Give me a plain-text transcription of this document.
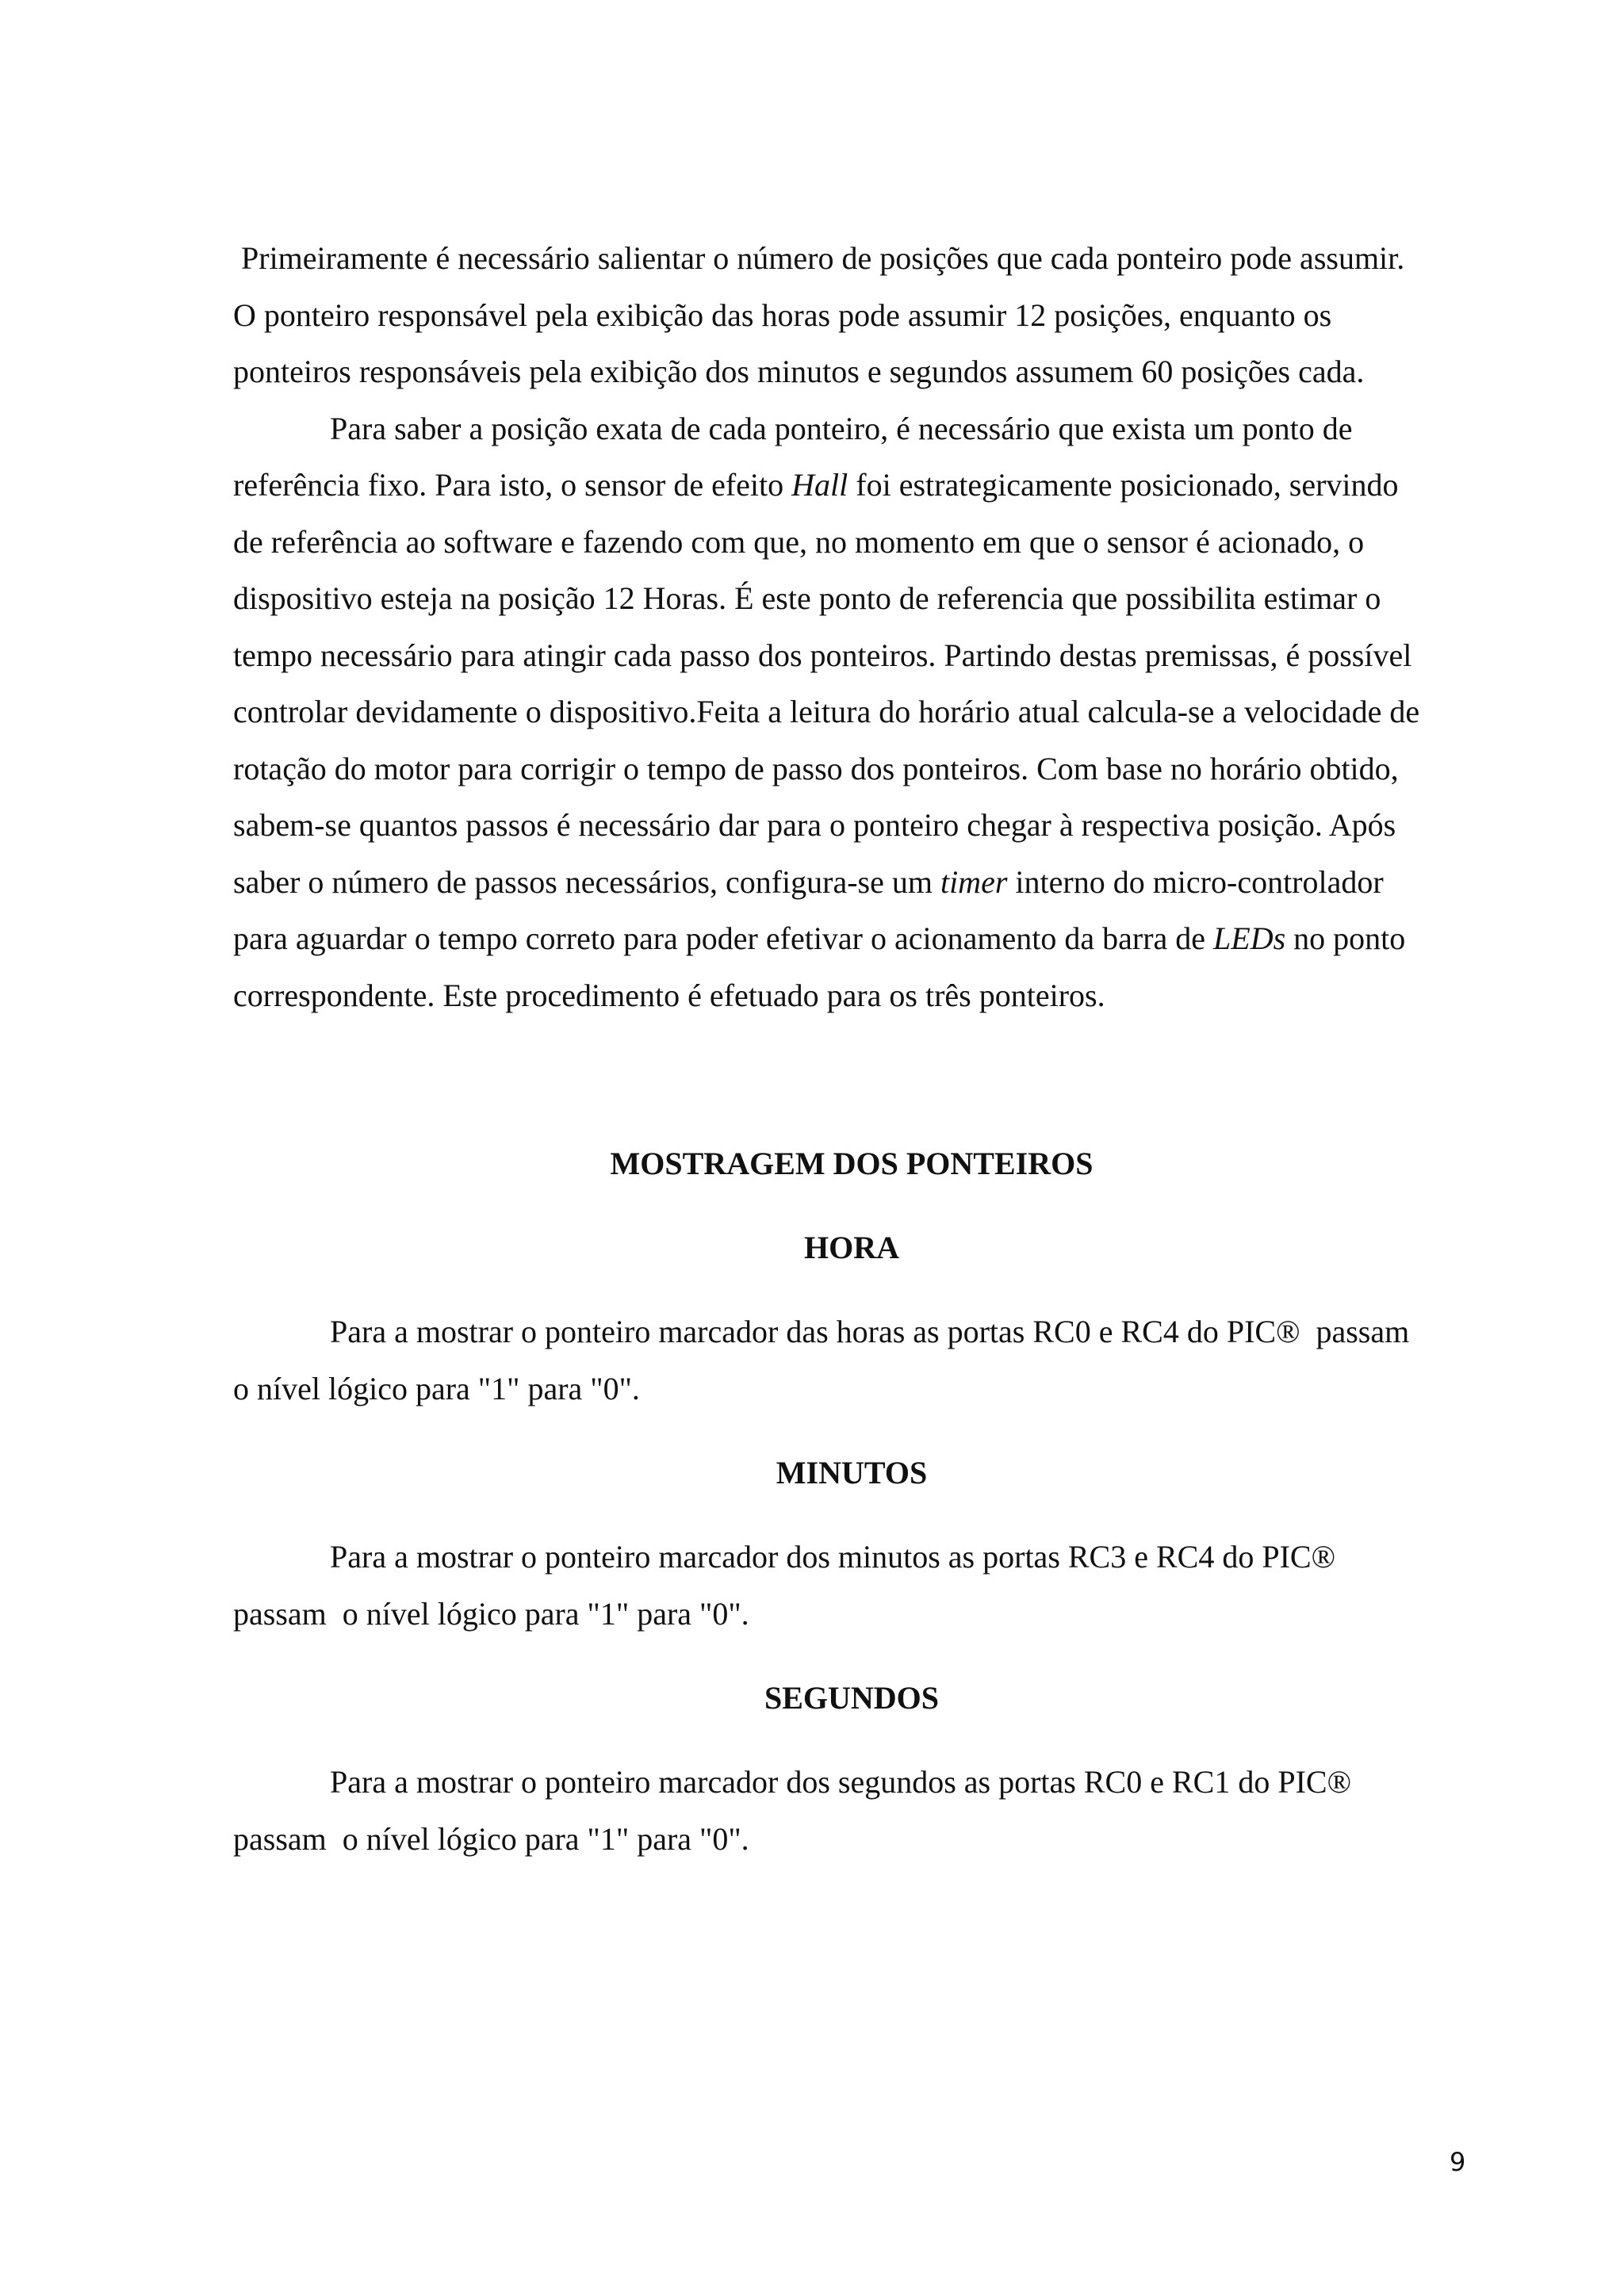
Primeiramente é necessário salientar o número de posições que cada ponteiro pode assumir.
O ponteiro responsável pela exibição das horas pode assumir 12 posições, enquanto os
ponteiros responsáveis pela exibição dos minutos e segundos assumem 60 posições cada.

Para saber a posição exata de cada ponteiro, é necessário que exista um ponto de
referência fixo. Para isto, o sensor de efeito Hall foi estrategicamente posicionado, servindo
de referência ao software e fazendo com que, no momento em que o sensor é acionado, o
dispositivo esteja na posição 12 Horas. É este ponto de referencia que possibilita estimar o
tempo necessário para atingir cada passo dos ponteiros. Partindo destas premissas, é possível
controlar devidamente o dispositivo.Feita a leitura do horário atual calcula-se a velocidade de
rotação do motor para corrigir o tempo de passo dos ponteiros. Com base no horário obtido,
sabem-se quantos passos é necessário dar para o ponteiro chegar à respectiva posição. Após
saber o número de passos necessários, configura-se um timer interno do micro-controlador
para aguardar o tempo correto para poder efetivar o acionamento da barra de LEDs no ponto
correspondente. Este procedimento é efetuado para os três ponteiros.

MOSTRAGEM DOS PONTEIROS
HORA

Para a mostrar o ponteiro marcador das horas as portas RC0 e RC4 do PIC®  passam
o nível lógico para "1" para "0".

MINUTOS

Para a mostrar o ponteiro marcador dos minutos as portas RC3 e RC4 do PIC®
passam  o nível lógico para "1" para "0".

SEGUNDOS

Para a mostrar o ponteiro marcador dos segundos as portas RC0 e RC1 do PIC®
passam  o nível lógico para "1" para "0".

9
